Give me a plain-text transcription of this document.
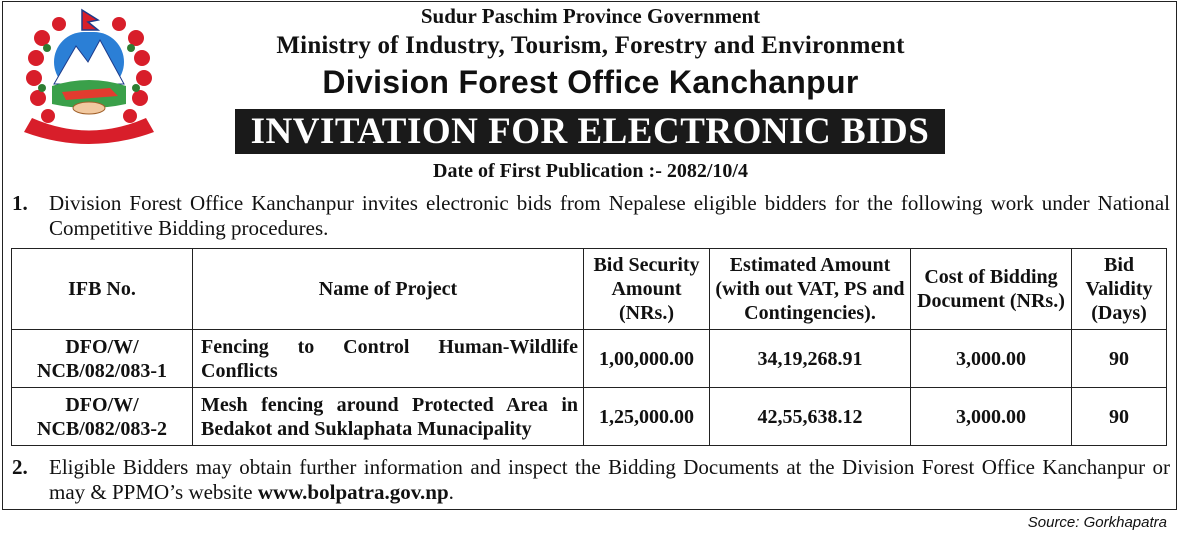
Sudur Paschim Province Government
Ministry of Industry, Tourism, Forestry and Environment
Division Forest Office Kanchanpur
INVITATION FOR ELECTRONIC BIDS
Date of First Publication :- 2082/10/4
1. Division Forest Office Kanchanpur invites electronic bids from Nepalese eligible bidders for the following work under National Competitive Bidding procedures.
IFB No.	Name of Project	Bid Security Amount (NRs.)	Estimated Amount (with out VAT, PS and Contingencies).	Cost of Bidding Document (NRs.)	Bid Validity (Days)
DFO/W/ NCB/082/083-1	Fencing to Control Human-Wildlife Conflicts	1,00,000.00	34,19,268.91	3,000.00	90
DFO/W/ NCB/082/083-2	Mesh fencing around Protected Area in Bedakot and Suklaphata Munacipality	1,25,000.00	42,55,638.12	3,000.00	90
2. Eligible Bidders may obtain further information and inspect the Bidding Documents at the Division Forest Office Kanchanpur or may & PPMO’s website www.bolpatra.gov.np.
Source: Gorkhapatra
